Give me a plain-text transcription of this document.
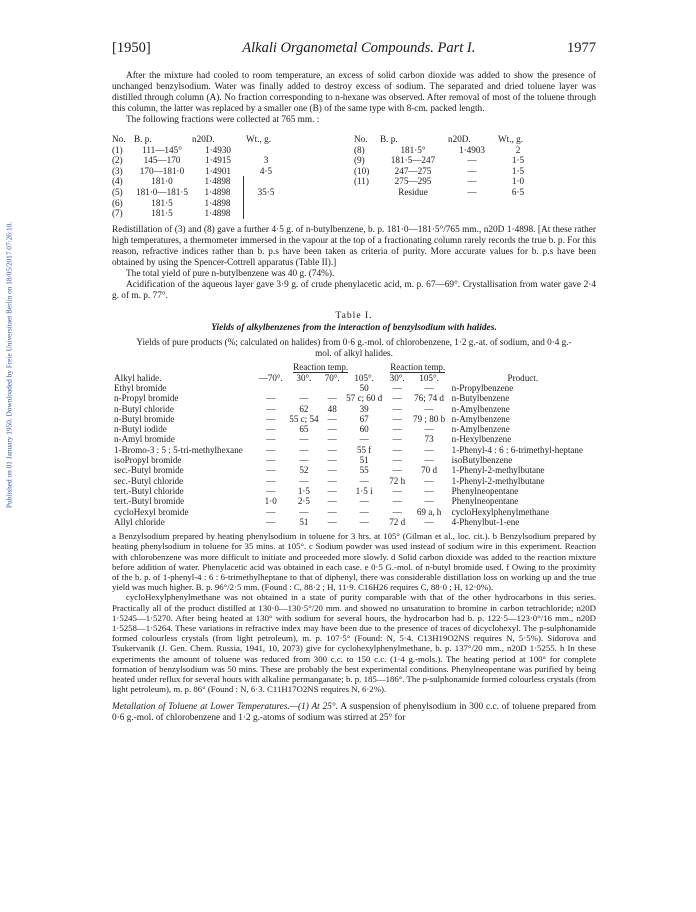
Published on 01 January 1950. Downloaded by Freie Universitaet Berlin on 18/05/2017 07:26:10.
[1950]	Alkali Organometal Compounds. Part I.	1977

After the mixture had cooled to room temperature, an excess of solid carbon dioxide was added to show the presence of unchanged benzylsodium. Water was finally added to destroy excess of sodium. The separated and dried toluene layer was distilled through column (A). No fraction corresponding to n-hexane was observed. After removal of most of the toluene through this column, the latter was replaced by a smaller one (B) of the same type with 8-cm. packed length.

The following fractions were collected at 765 mm. :

No. B. p.	n20D.	Wt., g.
(1)	111—145°	1·4930
(2)	145—170	1·4915	3
(3)	170—181·0	1·4901	4·5
(4)	181·0	1·4898
(5)	181·0—181·5	1·4898	35·5
(6)	181·5	1·4898
(7)	181·5	1·4898
No.	B. p.	n20D.	Wt., g.
(8)	181·5°	1·4903	2
(9)	181·5—247	—	1·5
(10)	247—275	—	1·5
(11)	275—295	—	1·0
Residue	—	6·5

Redistillation of (3) and (8) gave a further 4·5 g. of n-butylbenzene, b. p. 181·0—181·5°/765 mm., n20D 1·4898. [At these rather high temperatures, a thermometer immersed in the vapour at the top of a fractionating column rarely records the true b. p. For this reason, refractive indices rather than b. p.s have been taken as criteria of purity. More accurate values for b. p.s have been obtained by using the Spencer-Cottrell apparatus (Table II).]

The total yield of pure n-butylbenzene was 40 g. (74%).

Acidification of the aqueous layer gave 3·9 g. of crude phenylacetic acid, m. p. 67—69°. Crystallisation from water gave 2·4 g. of m. p. 77°.

Table I.
Yields of alkylbenzenes from the interaction of benzylsodium with halides.
Yields of pure products (%; calculated on halides) from 0·6 g.-mol. of chlorobenzene, 1·2 g.-at. of sodium, and 0·4 g.-mol. of alkyl halides.
	Reaction temp.				Reaction temp.		
Alkyl halide.	—70°.	30°.	70°.	105°.	30°.	105°.	Product.
Ethyl bromide				50	—	—	n-Propylbenzene
n-Propyl bromide	—	—	—	57 c; 60 d	—	76; 74 d	n-Butylbenzene
n-Butyl chloride	—	62	48	39	—	—	n-Amylbenzene
n-Butyl bromide	—	55 c; 54	—	67	—	79 ; 80 b	n-Amylbenzene
n-Butyl iodide	—	65	—	60	—	—	n-Amylbenzene
n-Amyl bromide	—	—	—	—	—	73	n-Hexylbenzene
1-Bromo-3 : 5 : 5-tri-methylhexane	—	—	—	55 f	—	—	1-Phenyl-4 : 6 : 6-trimethyl-heptane
isoPropyl bromide	—	—	—	51	—	—	isoButylbenzene
sec.-Butyl bromide	—	52	—	55	—	70 d	1-Phenyl-2-methylbutane
sec.-Butyl chloride	—	—	—	—	72 h	—	1-Phenyl-2-methylbutane
tert.-Butyl chloride	—	1·5	—	1·5 i	—	—	Phenylneopentane
tert.-Butyl bromide	1·0	2·5	—	—	—	—	Phenylneopentane
cycloHexyl bromide	—	—	—	—	—	69 a, h	cycloHexylphenylmethane
Allyl chloride	—	51	—	—	72 d	—	4-Phenylbut-1-ene
a Benzylsodium prepared by heating phenylsodium in toluene for 3 hrs. at 105° (Gilman et al., loc. cit.). b Benzylsodium prepared by heating phenylsodium in toluene for 35 mins. at 105°. c Sodium powder was used instead of sodium wire in this experiment. Reaction with chlorobenzene was more difficult to initiate and proceeded more slowly. d Solid carbon dioxide was added to the reaction mixture before addition of water. Phenylacetic acid was obtained in each case. e 0·5 G.-mol. of n-butyl bromide used. f Owing to the proximity of the b. p. of 1-phenyl-4 : 6 : 6-trimethylheptane to that of diphenyl, there was considerable distillation loss on working up and the true yield was much higher. B. p. 96°/2·5 mm. (Found : C, 88·2 ; H, 11·9. C16H26 requires C, 88·0 ; H, 12·0%).
cycloHexylphenylmethane was not obtained in a state of purity comparable with that of the other hydrocarbons in this series. Practically all of the product distilled at 130·0—130·5°/20 mm. and showed no unsaturation to bromine in carbon tetrachloride; n20D 1·5245—1·5270. After being heated at 130° with sodium for several hours, the hydrocarbon had b. p. 122·5—123·0°/16 mm., n20D 1·5258—1·5264. These variations in refractive index may have been due to the presence of traces of dicyclohexyl. The p-sulphonamide formed colourless crystals (from light petroleum), m. p. 107·5° (Found: N, 5·4. C13H19O2NS requires N, 5·5%). Sidorova and Tsukervanik (J. Gen. Chem. Russia, 1941, 10, 2073) give for cyclohexylphenylmethane, b. p. 137°/20 mm., n20D 1·5255. h In these experiments the amount of toluene was reduced from 300 c.c. to 150 c.c. (1·4 g.-mols.). The heating period at 100° for complete formation of benzylsodium was 50 mins. These are probably the best experimental conditions. Phenylneopentane was purified by being heated under reflux for several hours with alkaline permanganate; b. p. 185—186°. The p-sulphonamide formed colourless crystals (from light petroleum), m. p. 86° (Found : N, 6·3. C11H17O2NS requires N, 6·2%).
Metallation of Toluene at Lower Temperatures.—(1) At 25°. A suspension of phenylsodium in 300 c.c. of toluene prepared from 0·6 g.-mol. of chlorobenzene and 1·2 g.-atoms of sodium was stirred at 25° for
